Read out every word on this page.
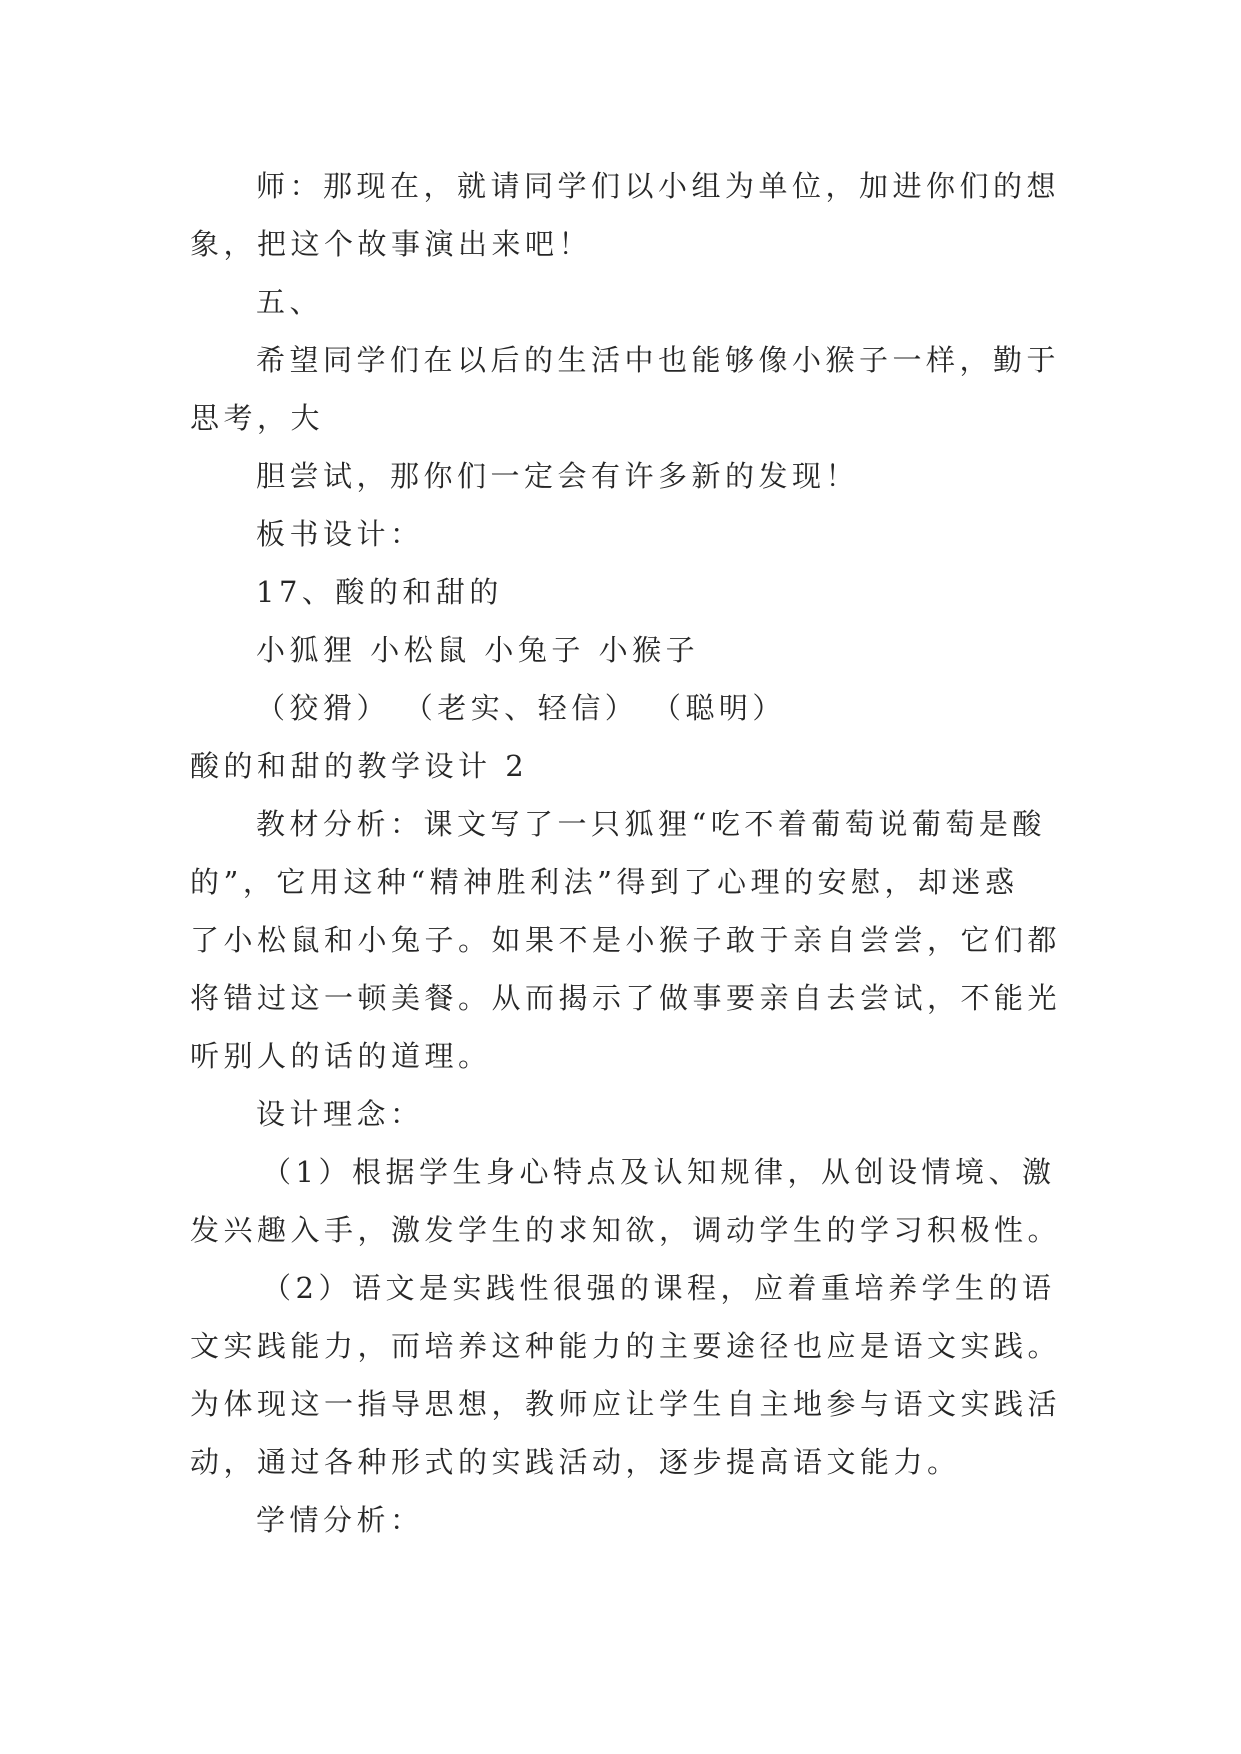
师：那现在，就请同学们以小组为单位，加进你们的想
象，把这个故事演出来吧！
五、
希望同学们在以后的生活中也能够像小猴子一样，勤于
思考，大
胆尝试，那你们一定会有许多新的发现！
板书设计：
17、酸的和甜的
小狐狸 小松鼠 小兔子 小猴子
（狡猾） （老实、轻信） （聪明）
酸的和甜的教学设计 2
教材分析：课文写了一只狐狸“吃不着葡萄说葡萄是酸
的”，它用这种“精神胜利法”得到了心理的安慰，却迷惑
了小松鼠和小兔子。如果不是小猴子敢于亲自尝尝，它们都
将错过这一顿美餐。从而揭示了做事要亲自去尝试，不能光
听别人的话的道理。
设计理念：
（1）根据学生身心特点及认知规律，从创设情境、激
发兴趣入手，激发学生的求知欲，调动学生的学习积极性。
（2）语文是实践性很强的课程，应着重培养学生的语
文实践能力，而培养这种能力的主要途径也应是语文实践。
为体现这一指导思想，教师应让学生自主地参与语文实践活
动，通过各种形式的实践活动，逐步提高语文能力。
学情分析：
